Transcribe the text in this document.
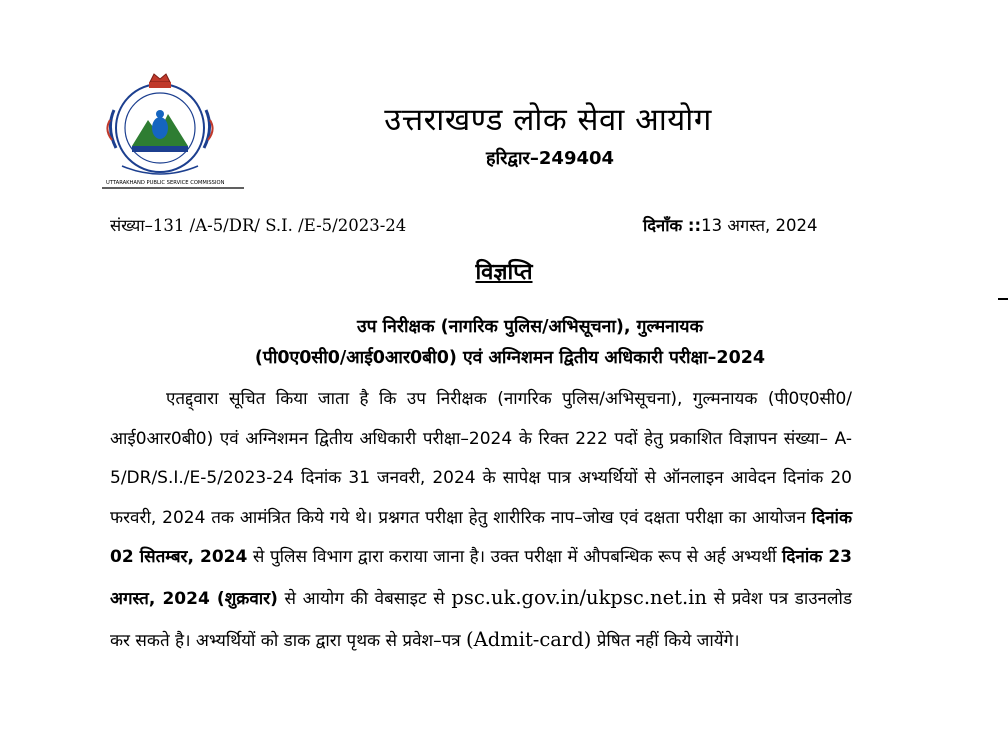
UTTARAKHAND PUBLIC SERVICE COMMISSION
उत्तराखण्ड लोक सेवा आयोग
हरिद्वार–249404
संख्या–131 /A-5/DR/ S.I. /E-5/2023-24	दिनाँक ::13 अगस्त, 2024
विज्ञप्ति
उप निरीक्षक (नागरिक पुलिस/अभिसूचना), गुल्मनायक
(पी0ए0सी0/आई0आर0बी0) एवं अग्निशमन द्वितीय अधिकारी परीक्षा–2024
एतद्द्वारा सूचित किया जाता है कि उप निरीक्षक (नागरिक पुलिस/अभिसूचना), गुल्मनायक (पी0ए0सी0/आई0आर0बी0) एवं अग्निशमन द्वितीय अधिकारी परीक्षा–2024 के रिक्त 222 पदों हेतु प्रकाशित विज्ञापन संख्या– A-5/DR/S.I./E-5/2023-24 दिनांक 31 जनवरी, 2024 के सापेक्ष पात्र अभ्यर्थियों से ऑनलाइन आवेदन दिनांक 20 फरवरी, 2024 तक आमंत्रित किये गये थे। प्रश्नगत परीक्षा हेतु शारीरिक नाप–जोख एवं दक्षता परीक्षा का आयोजन दिनांक 02 सितम्बर, 2024 से पुलिस विभाग द्वारा कराया जाना है। उक्त परीक्षा में औपबन्धिक रूप से अर्ह अभ्यर्थी दिनांक 23 अगस्त, 2024 (शुक्रवार) से आयोग की वेबसाइट से psc.uk.gov.in/ukpsc.net.in से प्रवेश पत्र डाउनलोड कर सकते है। अभ्यर्थियों को डाक द्वारा पृथक से प्रवेश–पत्र (Admit-card) प्रेषित नहीं किये जायेंगे।
